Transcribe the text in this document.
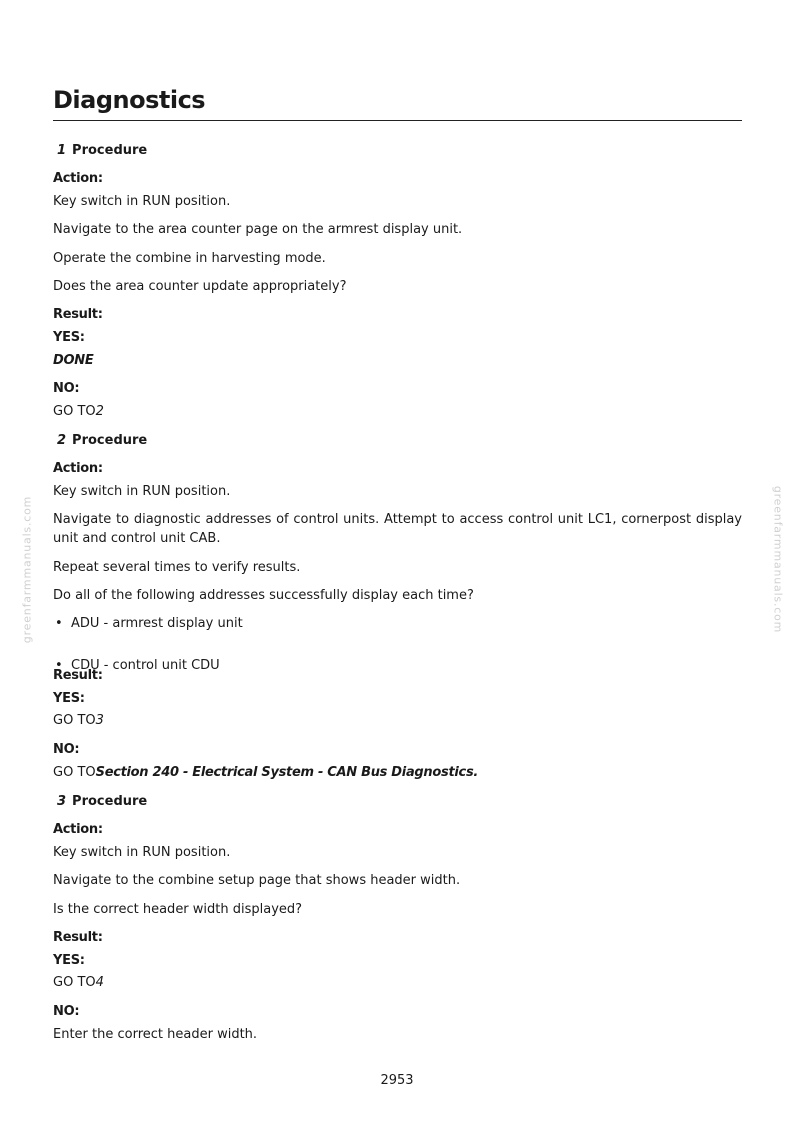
Diagnostics
1 Procedure
Action:
Key switch in RUN position.
Navigate to the area counter page on the armrest display unit.
Operate the combine in harvesting mode.
Does the area counter update appropriately?
Result:
YES:
DONE
NO:
GO TO2
2 Procedure
Action:
Key switch in RUN position.
Navigate to diagnostic addresses of control units. Attempt to access control unit LC1, cornerpost display unit and control unit CAB.
Repeat several times to verify results.
Do all of the following addresses successfully display each time?
• ADU - armrest display unit
• CDU - control unit CDU
Result:
YES:
GO TO3
NO:
GO TOSection 240 - Electrical System - CAN Bus Diagnostics.
3 Procedure
Action:
Key switch in RUN position.
Navigate to the combine setup page that shows header width.
Is the correct header width displayed?
Result:
YES:
GO TO4
NO:
Enter the correct header width.
greenfarmmanuals.com	greenfarmmanuals.com
2953
